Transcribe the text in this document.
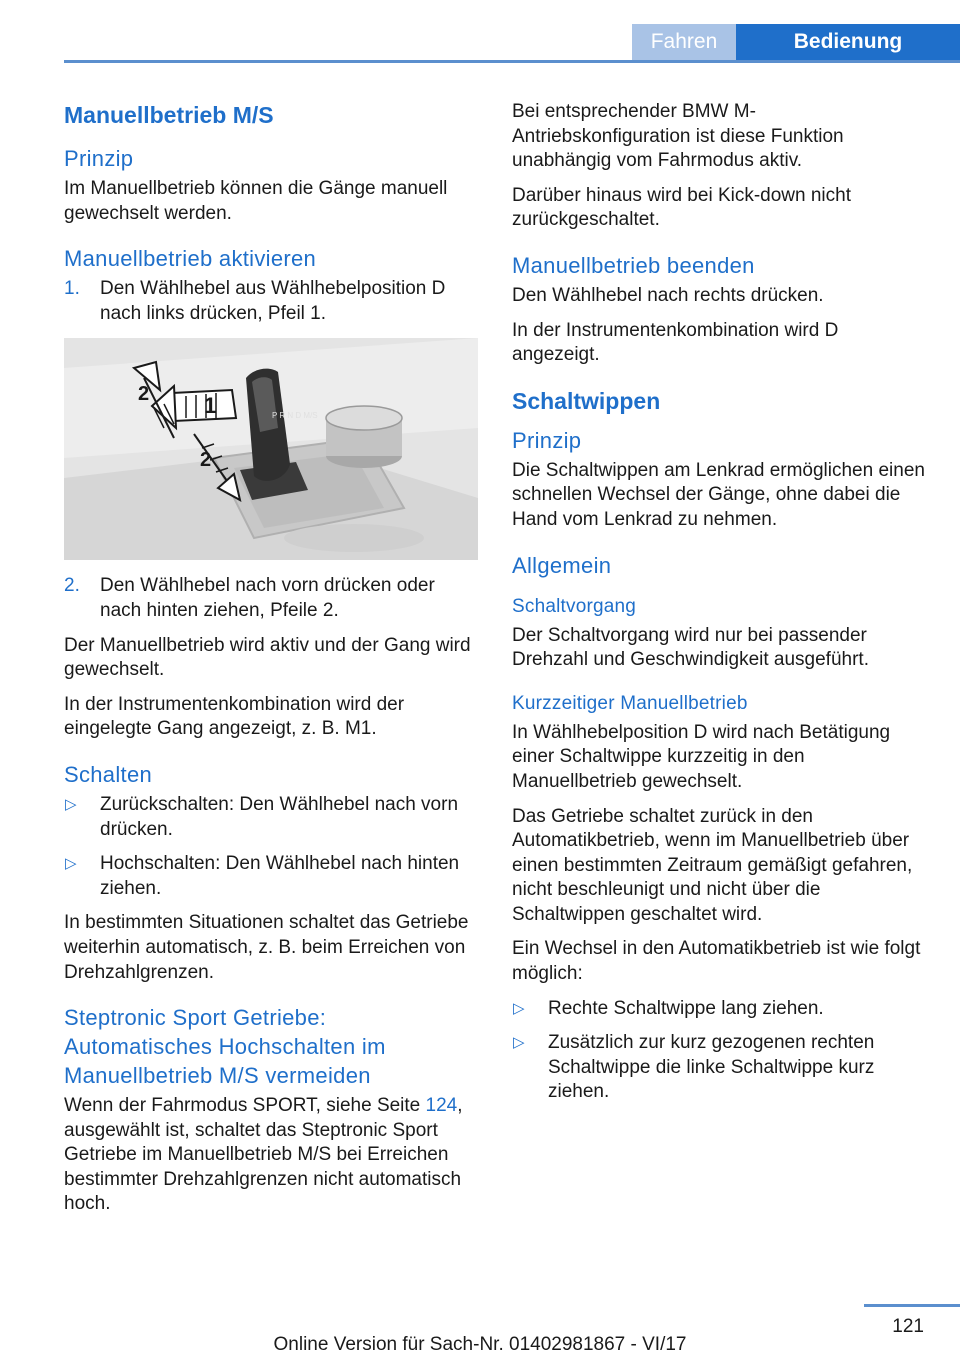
Fahren	Bedienung
Manuellbetrieb M/S
Prinzip

Im Manuellbetrieb können die Gänge manuell gewechselt werden.

Manuellbetrieb aktivieren
1. Den Wählhebel aus Wählhebelposition D nach links drücken, Pfeil 1.
P R N D M/S
1
2
2
2. Den Wählhebel nach vorn drücken oder nach hinten ziehen, Pfeile 2.

Der Manuellbetrieb wird aktiv und der Gang wird gewechselt.

In der Instrumentenkombination wird der eingelegte Gang angezeigt, z. B. M1.

Schalten
▷ Zurückschalten: Den Wählhebel nach vorn drücken.
▷ Hochschalten: Den Wählhebel nach hinten ziehen.

In bestimmten Situationen schaltet das Getriebe weiterhin automatisch, z. B. beim Erreichen von Drehzahlgrenzen.

Steptronic Sport Getriebe: Automatisches Hochschalten im Manuellbetrieb M/S vermeiden

Wenn der Fahrmodus SPORT, siehe Seite 124, ausgewählt ist, schaltet das Steptronic Sport Getriebe im Manuellbetrieb M/S bei Erreichen bestimmter Drehzahlgrenzen nicht automatisch hoch.

Bei entsprechender BMW M-Antriebskonfiguration ist diese Funktion unabhängig vom Fahrmodus aktiv.

Darüber hinaus wird bei Kick-down nicht zurückgeschaltet.

Manuellbetrieb beenden

Den Wählhebel nach rechts drücken.

In der Instrumentenkombination wird D angezeigt.

Schaltwippen
Prinzip

Die Schaltwippen am Lenkrad ermöglichen einen schnellen Wechsel der Gänge, ohne dabei die Hand vom Lenkrad zu nehmen.

Allgemein
Schaltvorgang

Der Schaltvorgang wird nur bei passender Drehzahl und Geschwindigkeit ausgeführt.

Kurzzeitiger Manuellbetrieb

In Wählhebelposition D wird nach Betätigung einer Schaltwippe kurzzeitig in den Manuellbetrieb gewechselt.

Das Getriebe schaltet zurück in den Automatikbetrieb, wenn im Manuellbetrieb über einen bestimmten Zeitraum gemäßigt gefahren, nicht beschleunigt und nicht über die Schaltwippen geschaltet wird.

Ein Wechsel in den Automatikbetrieb ist wie folgt möglich:

▷ Rechte Schaltwippe lang ziehen.
▷ Zusätzlich zur kurz gezogenen rechten Schaltwippe die linke Schaltwippe kurz ziehen.
121
Online Version für Sach-Nr. 01402981867 - VI/17
